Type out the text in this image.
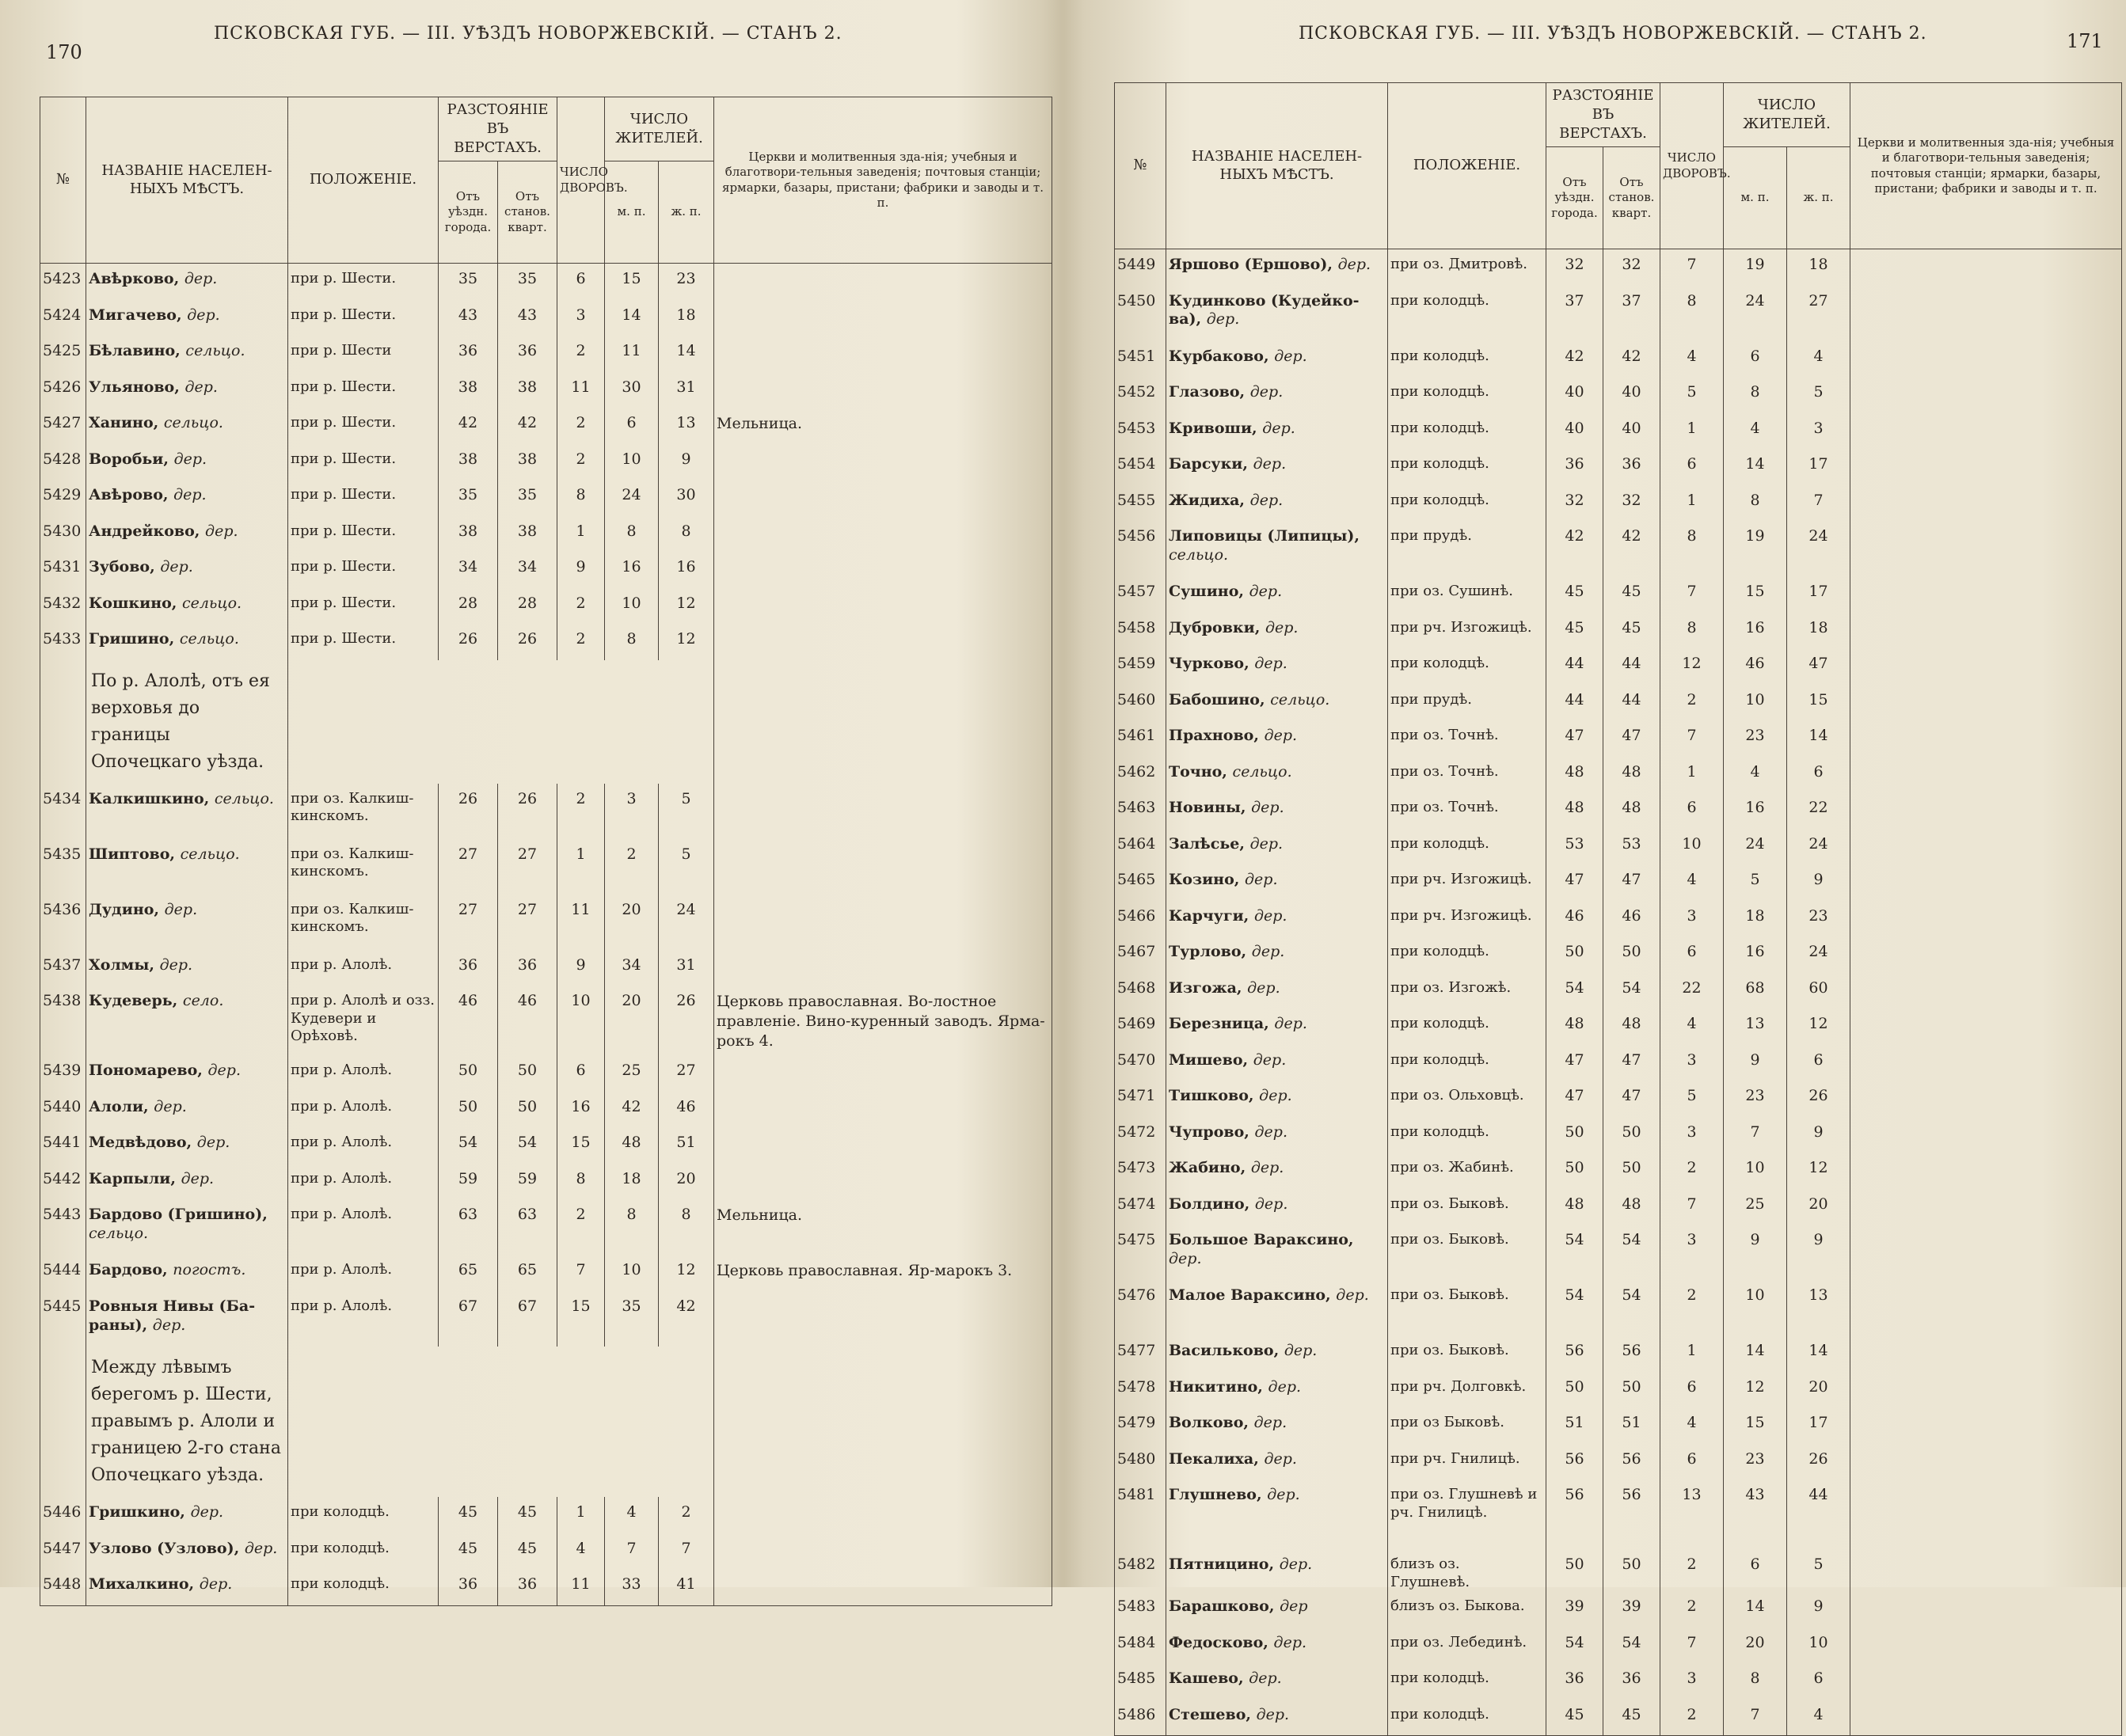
170
ПСКОВСКАЯ ГУБ. — III. УѢЗДЪ НОВОРЖЕВСКІЙ. — СТАНЪ 2.
№	НАЗВАНІЕ НАСЕЛЕН-НЫХЪ МѢСТЪ.	ПОЛОЖЕНІЕ.	РАЗСТОЯНІЕ ВЪ ВЕРСТАХЪ.		ЧИСЛО ДВОРОВЪ.	ЧИСЛО ЖИТЕЛЕЙ.		Церкви и молитвенныя зда-нія; учебныя и благотвори-тельныя заведенія; почтовыя станціи; ярмарки, базары, пристани; фабрики и заводы и т. п.
			Отъ уѣздн. города.	Отъ станов. кварт.		м. п.	ж. п.	
5423	Авѣрково, дер.	при р. Шести.	35	35	6	15	23	
5424	Мигачево, дер.	при р. Шести.	43	43	3	14	18	
5425	Бѣлавино, сельцо.	при р. Шести	36	36	2	11	14	
5426	Ульяново, дер.	при р. Шести.	38	38	11	30	31	
5427	Ханино, сельцо.	при р. Шести.	42	42	2	6	13	Мельница.
5428	Воробьи, дер.	при р. Шести.	38	38	2	10	9	
5429	Авѣрово, дер.	при р. Шести.	35	35	8	24	30	
5430	Андрейково, дер.	при р. Шести.	38	38	1	8	8	
5431	Зубово, дер.	при р. Шести.	34	34	9	16	16	
5432	Кошкино, сельцо.	при р. Шести.	28	28	2	10	12	
5433	Гришино, сельцо.	при р. Шести.	26	26	2	8	12	
	По р. Алолѣ, отъ ея верховья до границы Опочецкаго уѣзда.							
5434	Калкишкино, сельцо.	при оз. Калкиш-кинскомъ.	26	26	2	3	5	
5435	Шиптово, сельцо.	при оз. Калкиш-кинскомъ.	27	27	1	2	5	
5436	Дудино, дер.	при оз. Калкиш-кинскомъ.	27	27	11	20	24	
5437	Холмы, дер.	при р. Алолѣ.	36	36	9	34	31	
5438	Кудеверь, село.	при р. Алолѣ и озз. Кудевери и Орѣховѣ.	46	46	10	20	26	Церковь православная. Во-лостное правленіе. Вино-куренный заводъ. Ярма-рокъ 4.
5439	Пономарево, дер.	при р. Алолѣ.	50	50	6	25	27	
5440	Алоли, дер.	при р. Алолѣ.	50	50	16	42	46	
5441	Медвѣдово, дер.	при р. Алолѣ.	54	54	15	48	51	
5442	Карпыли, дер.	при р. Алолѣ.	59	59	8	18	20	
5443	Бардово (Гришино), сельцо.	при р. Алолѣ.	63	63	2	8	8	Мельница.
5444	Бардово, погостъ.	при р. Алолѣ.	65	65	7	10	12	Церковь православная. Яр-марокъ 3.
5445	Ровныя Нивы (Ба-раны), дер.	при р. Алолѣ.	67	67	15	35	42	
	Между лѣвымъ берегомъ р. Шести, правымъ р. Алоли и границею 2-го стана Опочецкаго уѣзда.							
5446	Гришкино, дер.	при колодцѣ.	45	45	1	4	2	
5447	Узлово (Узлово), дер.	при колодцѣ.	45	45	4	7	7	
5448	Михалкино, дер.	при колодцѣ.	36	36	11	33	41	
ПСКОВСКАЯ ГУБ. — III. УѢЗДЪ НОВОРЖЕВСКІЙ. — СТАНЪ 2.	171
№	НАЗВАНІЕ НАСЕЛЕН-НЫХЪ МѢСТЪ.	ПОЛОЖЕНІЕ.	РАЗСТОЯНІЕ ВЪ ВЕРСТАХЪ.		ЧИСЛО ДВОРОВЪ.	ЧИСЛО ЖИТЕЛЕЙ.		Церкви и молитвенныя зда-нія; учебныя и благотвори-тельныя заведенія; почтовыя станціи; ярмарки, базары, пристани; фабрики и заводы и т. п.
			Отъ уѣздн. города.	Отъ станов. кварт.		м. п.	ж. п.	
5449	Яршово (Ершово), дер.	при оз. Дмитровѣ.	32	32	7	19	18	
5450	Кудинково (Кудейко-ва), дер.	при колодцѣ.	37	37	8	24	27	
5451	Курбаково, дер.	при колодцѣ.	42	42	4	6	4	
5452	Глазово, дер.	при колодцѣ.	40	40	5	8	5	
5453	Кривоши, дер.	при колодцѣ.	40	40	1	4	3	
5454	Барсуки, дер.	при колодцѣ.	36	36	6	14	17	
5455	Жидиха, дер.	при колодцѣ.	32	32	1	8	7	
5456	Липовицы (Липицы), сельцо.	при прудѣ.	42	42	8	19	24	
5457	Сушино, дер.	при оз. Сушинѣ.	45	45	7	15	17	
5458	Дубровки, дер.	при рч. Изгожицѣ.	45	45	8	16	18	
5459	Чурково, дер.	при колодцѣ.	44	44	12	46	47	
5460	Бабошино, сельцо.	при прудѣ.	44	44	2	10	15	
5461	Прахново, дер.	при оз. Точнѣ.	47	47	7	23	14	
5462	Точно, сельцо.	при оз. Точнѣ.	48	48	1	4	6	
5463	Новины, дер.	при оз. Точнѣ.	48	48	6	16	22	
5464	Залѣсье, дер.	при колодцѣ.	53	53	10	24	24	
5465	Козино, дер.	при рч. Изгожицѣ.	47	47	4	5	9	
5466	Карчуги, дер.	при рч. Изгожицѣ.	46	46	3	18	23	
5467	Турлово, дер.	при колодцѣ.	50	50	6	16	24	
5468	Изгожа, дер.	при оз. Изгожѣ.	54	54	22	68	60	
5469	Березница, дер.	при колодцѣ.	48	48	4	13	12	
5470	Мишево, дер.	при колодцѣ.	47	47	3	9	6	
5471	Тишково, дер.	при оз. Ольховцѣ.	47	47	5	23	26	
5472	Чупрово, дер.	при колодцѣ.	50	50	3	7	9	
5473	Жабино, дер.	при оз. Жабинѣ.	50	50	2	10	12	
5474	Болдино, дер.	при оз. Быковѣ.	48	48	7	25	20	
5475	Большое Вараксино, дер.	при оз. Быковѣ.	54	54	3	9	9	
5476	Малое Вараксино, дер.	при оз. Быковѣ.	54	54	2	10	13	
5477	Васильково, дер.	при оз. Быковѣ.	56	56	1	14	14	
5478	Никитино, дер.	при рч. Долговкѣ.	50	50	6	12	20	
5479	Волково, дер.	при оз Быковѣ.	51	51	4	15	17	
5480	Пекалиха, дер.	при рч. Гнилицѣ.	56	56	6	23	26	
5481	Глушнево, дер.	при оз. Глушневѣ и рч. Гнилицѣ.	56	56	13	43	44	
5482	Пятницино, дер.	близъ оз. Глушневѣ.	50	50	2	6	5	
5483	Барашково, дер	близъ оз. Быкова.	39	39	2	14	9	
5484	Федосково, дер.	при оз. Лебединѣ.	54	54	7	20	10	
5485	Кашево, дер.	при колодцѣ.	36	36	3	8	6	
5486	Стешево, дер.	при колодцѣ.	45	45	2	7	4	
